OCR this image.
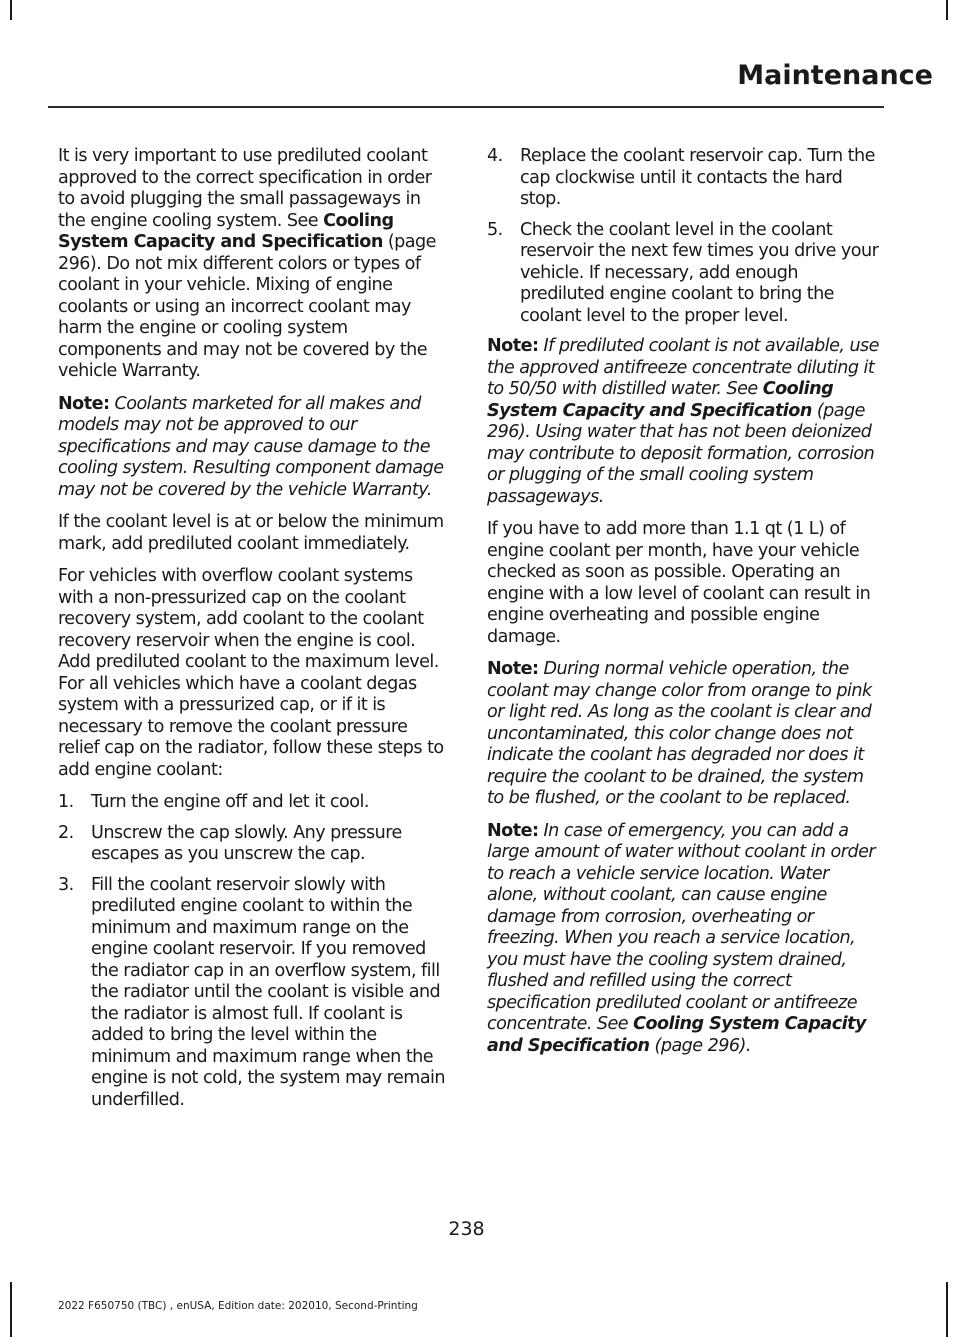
Maintenance

It is very important to use prediluted coolant approved to the correct specification in order to avoid plugging the small passageways in the engine cooling system. See Cooling System Capacity and Specification (page 296). Do not mix different colors or types of coolant in your vehicle. Mixing of engine coolants or using an incorrect coolant may harm the engine or cooling system components and may not be covered by the vehicle Warranty.

Note: Coolants marketed for all makes and models may not be approved to our specifications and may cause damage to the cooling system. Resulting component damage may not be covered by the vehicle Warranty.

If the coolant level is at or below the minimum mark, add prediluted coolant immediately.

For vehicles with overflow coolant systems with a non-pressurized cap on the coolant recovery system, add coolant to the coolant recovery reservoir when the engine is cool. Add prediluted coolant to the maximum level. For all vehicles which have a coolant degas system with a pressurized cap, or if it is necessary to remove the coolant pressure relief cap on the radiator, follow these steps to add engine coolant:

1. Turn the engine off and let it cool.
2. Unscrew the cap slowly. Any pressure escapes as you unscrew the cap.
3. Fill the coolant reservoir slowly with prediluted engine coolant to within the minimum and maximum range on the engine coolant reservoir. If you removed the radiator cap in an overflow system, fill the radiator until the coolant is visible and the radiator is almost full. If coolant is added to bring the level within the minimum and maximum range when the engine is not cold, the system may remain underfilled.
4. Replace the coolant reservoir cap. Turn the cap clockwise until it contacts the hard stop.
5. Check the coolant level in the coolant reservoir the next few times you drive your vehicle. If necessary, add enough prediluted engine coolant to bring the coolant level to the proper level.

Note: If prediluted coolant is not available, use the approved antifreeze concentrate diluting it to 50/50 with distilled water. See Cooling System Capacity and Specification (page 296). Using water that has not been deionized may contribute to deposit formation, corrosion or plugging of the small cooling system passageways.

If you have to add more than 1.1 qt (1 L) of engine coolant per month, have your vehicle checked as soon as possible. Operating an engine with a low level of coolant can result in engine overheating and possible engine damage.

Note: During normal vehicle operation, the coolant may change color from orange to pink or light red. As long as the coolant is clear and uncontaminated, this color change does not indicate the coolant has degraded nor does it require the coolant to be drained, the system to be flushed, or the coolant to be replaced.

Note: In case of emergency, you can add a large amount of water without coolant in order to reach a vehicle service location. Water alone, without coolant, can cause engine damage from corrosion, overheating or freezing. When you reach a service location, you must have the cooling system drained, flushed and refilled using the correct specification prediluted coolant or antifreeze concentrate. See Cooling System Capacity and Specification (page 296).

238
2022 F650750 (TBC) , enUSA, Edition date: 202010, Second-Printing
